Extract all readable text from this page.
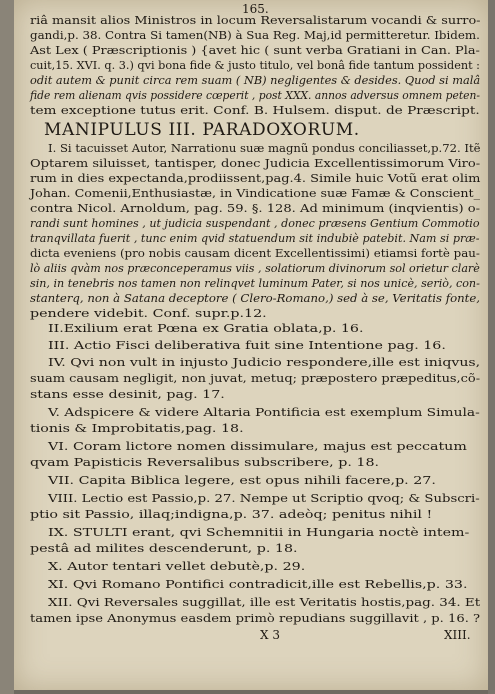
165.
riâ mansit alios Ministros in locum Reversalistarum vocandi & surro-
gandi,p. 38. Contra Si tamen(NB) à Sua Reg. Maj,id permitteretur. Ibidem.
Ast Lex ( Præscriptionis ) {avet hic ( sunt verba Gratiani in Can. Pla-
cuit,15. XVI. q. 3.) qvi bona fide & justo titulo, vel bonâ fide tantum possident :
odit autem & punit circa rem suam ( NB) negligentes & desides. Quod si malâ
fide rem alienam qvis possidere cœperit , post XXX. annos adversus omnem peten-
tem exceptione tutus erit. Conf. B. Hulsem. disput. de Præscript.
MANIPULUS III. PARADOXORUM.
I. Si tacuisset Autor, Narrationu suæ magnũ pondus conciliasset,p.72. Itẽ
Optarem siluisset, tantisper, donec Judicia Excellentissimorum Viro-
rum in dies expectanda,prodiissent,pag.4. Simile huic Votũ erat olim
Johan. Comenii,Enthusiastæ, in Vindicatione suæ Famæ & Conscient_
contra Nicol. Arnoldum, pag. 59. §. 128. Ad minimum (inqvientis) o-
randi sunt homines , ut judicia suspendant , donec præsens Gentium Commotio
tranqvillata fuerit , tunc enim qvid statuendum sit indubiè patebit. Nam si præ-
dicta eveniens (pro nobis causam dicent Excellentissimi) etiamsi fortè pau-
lò aliis qvàm nos præconceperamus viis , solatiorum divinorum sol orietur clarè
sin, in tenebris nos tamen non relinqvet luminum Pater, si nos unicè, seriò, con-
stanterq, non à Satana deceptore ( Clero-Romano,) sed à se, Veritatis fonte,
pendere videbit. Conf. supr.p.12.
II.Exilium erat Pœna ex Gratia oblata,p. 16.
III. Actio Fisci deliberativa fuit sine Intentione pag. 16.
IV. Qvi non vult in injusto Judicio respondere,ille est iniqvus,
suam causam negligit, non juvat, metuq; præpostero præpeditus,cõ-
stans esse desinit, pag. 17.
V. Adspicere & videre Altaria Pontificia est exemplum Simula-
tionis & Improbitatis,pag. 18.
VI. Coram lictore nomen dissimulare, majus est peccatum
qvam Papisticis Reversalibus subscribere, p. 18.
VII. Capita Biblica legere, est opus nihili facere,p. 27.
VIII. Lectio est Passio,p. 27. Nempe ut Scriptio qvoq; & Subscri-
ptio sit Passio, illaq;indigna,p. 37. adeòq; penitus nihil !
IX. STULTI erant, qvi Schemnitii in Hungaria noctè intem-
pestâ ad milites descenderunt, p. 18.
X. Autor tentari vellet debutè,p. 29.
XI. Qvi Romano Pontifici contradicit,ille est Rebellis,p. 33.
XII. Qvi Reversales suggillat, ille est Veritatis hostis,pag. 34. Et
tamen ipse Anonymus easdem primò repudians suggillavit , p. 16. ?
X 3	XIII.
